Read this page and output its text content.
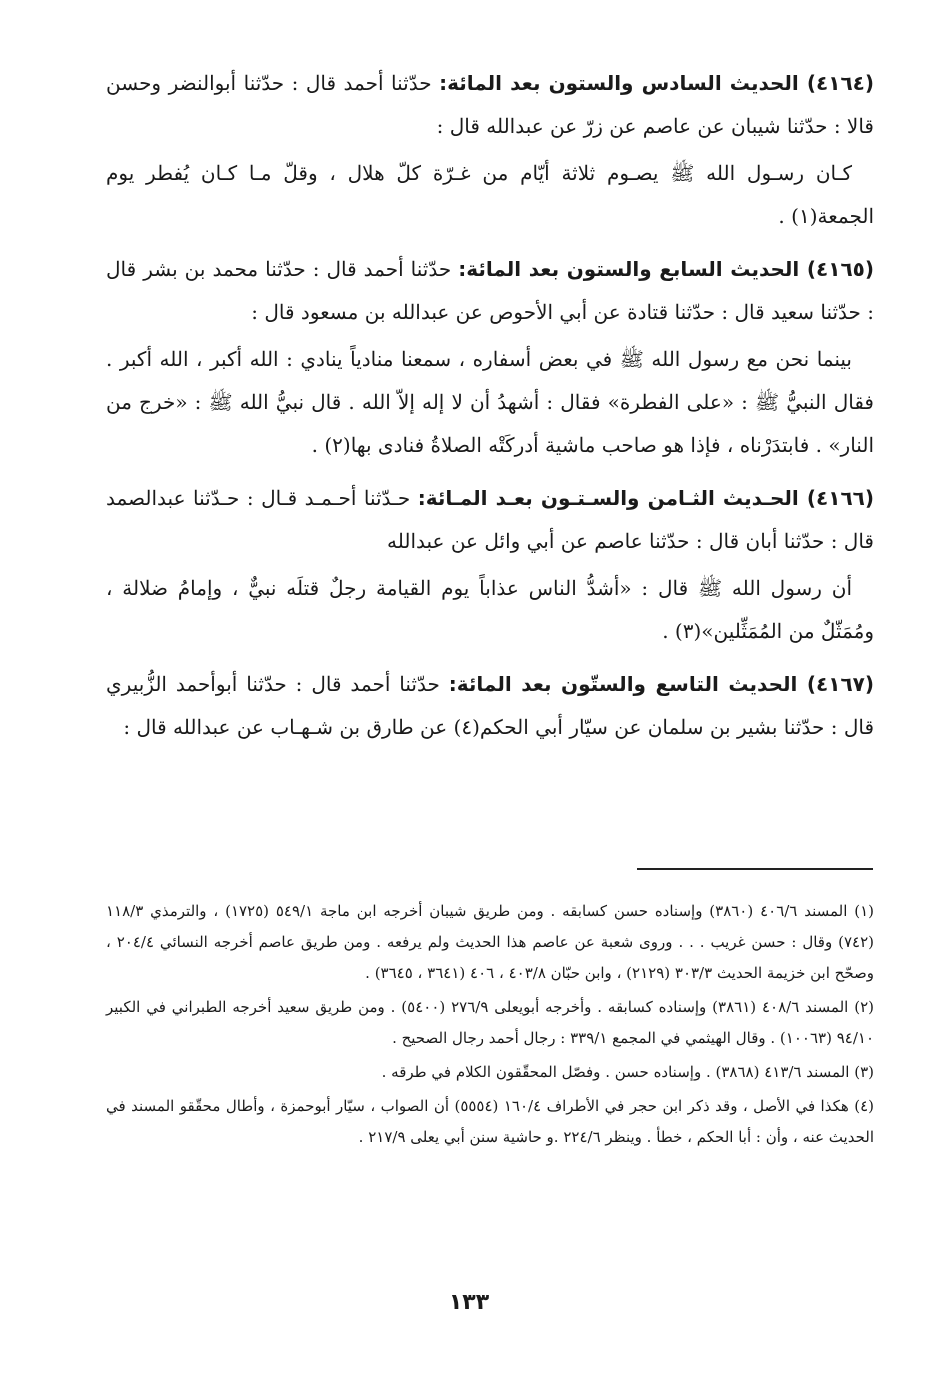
(٤١٦٤) الحديث السادس والستون بعد المائة: حدّثنا أحمد قال : حدّثنا أبوالنضر وحسن قالا : حدّثنا شيبان عن عاصم عن زرّ عن عبدالله قال :

كـان رسـول الله ﷺ يصـوم ثلاثة أيّام من غـرّة كلّ هلال ، وقلّ مـا كـان يُفطر يوم الجمعة(١) .

(٤١٦٥) الحديث السابع والستون بعد المائة: حدّثنا أحمد قال : حدّثنا محمد بن بشر قال : حدّثنا سعيد قال : حدّثنا قتادة عن أبي الأحوص عن عبدالله بن مسعود قال :

بينما نحن مع رسول الله ﷺ في بعض أسفاره ، سمعنا منادياً ينادي : الله أكبر ، الله أكبر . فقال النبيُّ ﷺ : «على الفطرة» فقال : أشهدُ أن لا إله إلاّ الله . قال نبيُّ الله ﷺ : «خرج من النار» . فابتدَرْناه ، فإذا هو صاحب ماشية أدركَتْه الصلاةُ فنادى بها(٢) .

(٤١٦٦) الحـديث الثـامن والسـتـون بعـد المـائة: حـدّثنا أحـمـد قـال : حـدّثنا عبدالصمد قال : حدّثنا أبان قال : حدّثنا عاصم عن أبي وائل عن عبدالله

أن رسول الله ﷺ قال : «أشدُّ الناس عذاباً يوم القيامة رجلٌ قتلَه نبيٌّ ، وإمامُ ضلالة ، ومُمَثّلٌ من المُمَثِّلين»(٣) .

(٤١٦٧) الحديث التاسع والستّون بعد المائة: حدّثنا أحمد قال : حدّثنا أبوأحمد الزُّبيري قال : حدّثنا بشير بن سلمان عن سيّار أبي الحكم(٤) عن طارق بن شـهـاب عن عبدالله قال :

(١) المسند ٤٠٦/٦ (٣٨٦٠) وإسناده حسن كسابقه . ومن طريق شيبان أخرجه ابن ماجة ٥٤٩/١ (١٧٢٥) ، والترمذي ١١٨/٣ (٧٤٢) وقال : حسن غريب . . . وروى شعبة عن عاصم هذا الحديث ولم يرفعه . ومن طريق عاصم أخرجه النسائي ٢٠٤/٤ ، وصحّح ابن خزيمة الحديث ٣٠٣/٣ (٢١٢٩) ، وابن حبّان ٤٠٣/٨ ، ٤٠٦ (٣٦٤١ ، ٣٦٤٥) .

(٢) المسند ٤٠٨/٦ (٣٨٦١) وإسناده كسابقه . وأخرجه أبويعلى ٢٧٦/٩ (٥٤٠٠) . ومن طريق سعيد أخرجه الطبراني في الكبير ٩٤/١٠ (١٠٠٦٣) . وقال الهيثمي في المجمع ٣٣٩/١ : رجال أحمد رجال الصحيح .

(٣) المسند ٤١٣/٦ (٣٨٦٨) . وإسناده حسن . وفصّل المحقّقون الكلام في طرقه .

(٤) هكذا في الأصل ، وقد ذكر ابن حجر في الأطراف ١٦٠/٤ (٥٥٥٤) أن الصواب ، سيّار أبوحمزة ، وأطال محقّقو المسند في الحديث عنه ، وأن : أبا الحكم ، خطأ . وينظر ٢٢٤/٦ .و حاشية سنن أبي يعلى ٢١٧/٩ .

١٣٣
